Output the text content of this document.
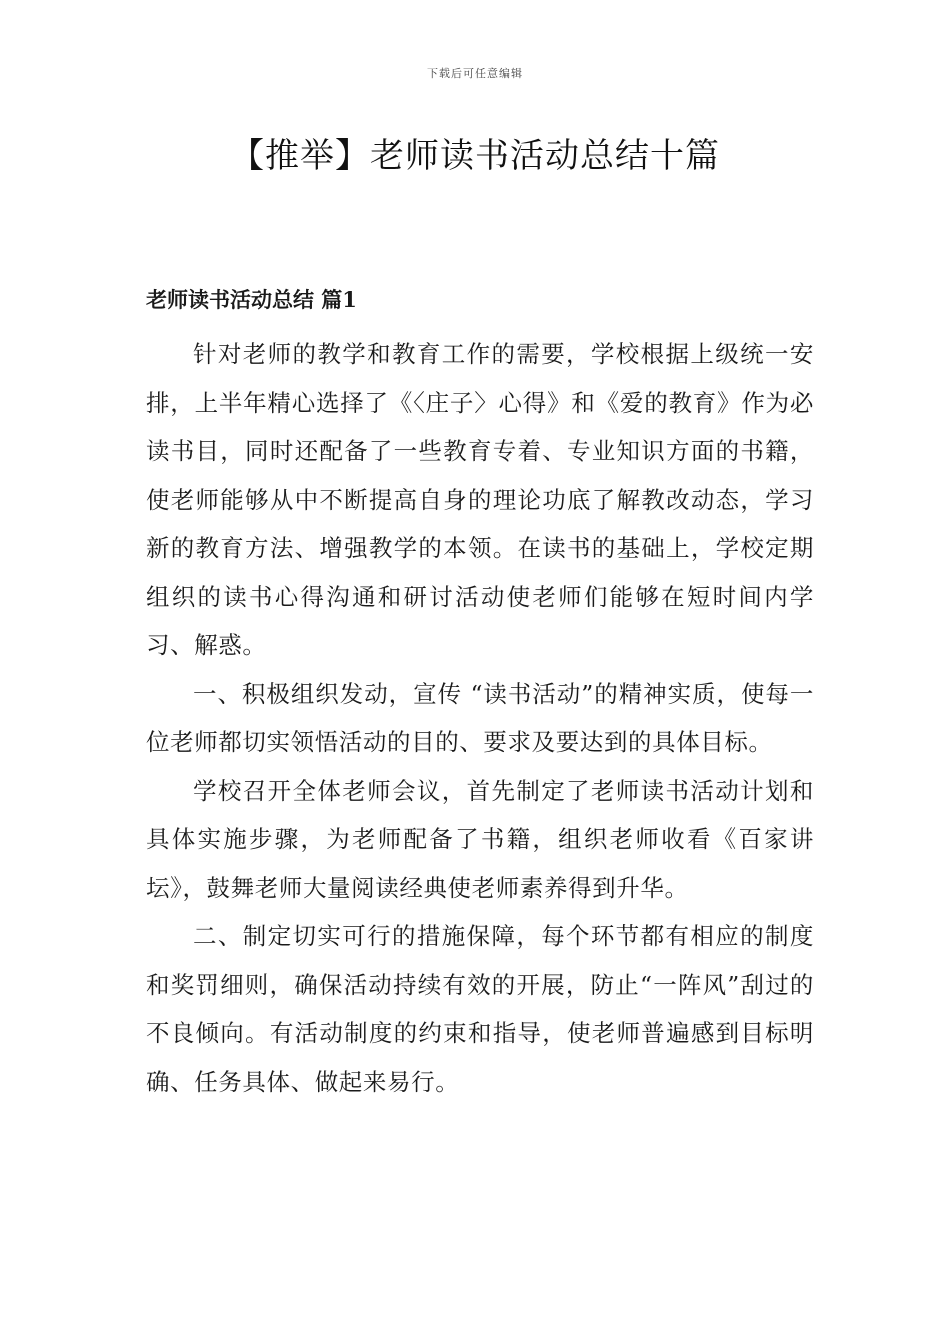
下载后可任意编辑
【推举】老师读书活动总结十篇
老师读书活动总结 篇1

针对老师的教学和教育工作的需要，学校根据上级统一安排，上半年精心选择了《〈庄子〉心得》和《爱的教育》作为必读书目，同时还配备了一些教育专着、专业知识方面的书籍，使老师能够从中不断提高自身的理论功底了解教改动态，学习新的教育方法、增强教学的本领。在读书的基础上，学校定期组织的读书心得沟通和研讨活动使老师们能够在短时间内学习、解惑。

一、积极组织发动，宣传 “读书活动”的精神实质，使每一位老师都切实领悟活动的目的、要求及要达到的具体目标。

学校召开全体老师会议，首先制定了老师读书活动计划和具体实施步骤，为老师配备了书籍，组织老师收看《百家讲坛》，鼓舞老师大量阅读经典使老师素养得到升华。

二、制定切实可行的措施保障，每个环节都有相应的制度和奖罚细则，确保活动持续有效的开展，防止“一阵风”刮过的不良倾向。有活动制度的约束和指导，使老师普遍感到目标明确、任务具体、做起来易行。
